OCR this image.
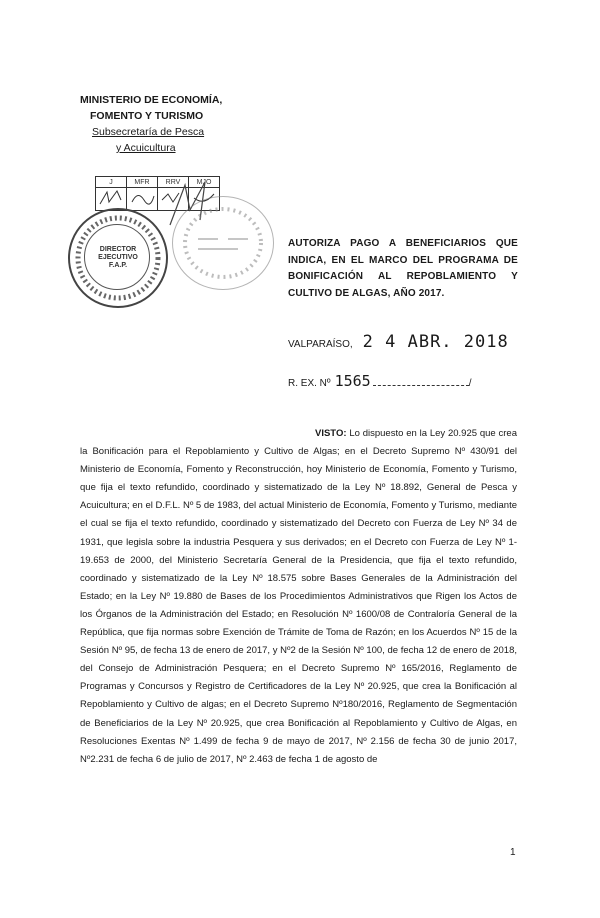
MINISTERIO DE ECONOMÍA,
FOMENTO Y TURISMO
Subsecretaría de Pesca
y Acuicultura
J	MFR	RRV	MJO

DIRECTOR
EJECUTIVO
F.A.P.
AUTORIZA PAGO A BENEFICIARIOS QUE INDICA, EN EL MARCO DEL PROGRAMA DE BONIFICACIÓN AL REPOBLAMIENTO Y CULTIVO DE ALGAS, AÑO 2017.
VALPARAÍSO, 2 4 ABR. 2018
R. EX. Nº 1565	/
VISTO: Lo dispuesto en la Ley 20.925 que crea la Bonificación para el Repoblamiento y Cultivo de Algas; en el Decreto Supremo Nº 430/91 del Ministerio de Economía, Fomento y Reconstrucción, hoy Ministerio de Economía, Fomento y Turismo, que fija el texto refundido, coordinado y sistematizado de la Ley Nº 18.892, General de Pesca y Acuicultura; en el D.F.L. Nº 5 de 1983, del actual Ministerio de Economía, Fomento y Turismo, mediante el cual se fija el texto refundido, coordinado y sistematizado del Decreto con Fuerza de Ley Nº 34 de 1931, que legisla sobre la industria Pesquera y sus derivados; en el Decreto con Fuerza de Ley Nº 1-19.653 de 2000, del Ministerio Secretaría General de la Presidencia, que fija el texto refundido, coordinado y sistematizado de la Ley Nº 18.575 sobre Bases Generales de la Administración del Estado; en la Ley Nº 19.880 de Bases de los Procedimientos Administrativos que Rigen los Actos de los Órganos de la Administración del Estado; en Resolución Nº 1600/08 de Contraloría General de la República, que fija normas sobre Exención de Trámite de Toma de Razón; en los Acuerdos Nº 15 de la Sesión Nº 95, de fecha 13 de enero de 2017, y Nº2 de la Sesión Nº 100, de fecha 12 de enero de 2018, del Consejo de Administración Pesquera; en el Decreto Supremo Nº 165/2016, Reglamento de Programas y Concursos y Registro de Certificadores de la Ley Nº 20.925, que crea la Bonificación al Repoblamiento y Cultivo de algas; en el Decreto Supremo Nº180/2016, Reglamento de Segmentación de Beneficiarios de la Ley Nº 20.925, que crea Bonificación al Repoblamiento y Cultivo de Algas, en Resoluciones Exentas Nº 1.499 de fecha 9 de mayo de 2017, Nº 2.156 de fecha 30 de junio 2017, Nº2.231 de fecha 6 de julio de 2017, Nº 2.463 de fecha 1 de agosto de
1
